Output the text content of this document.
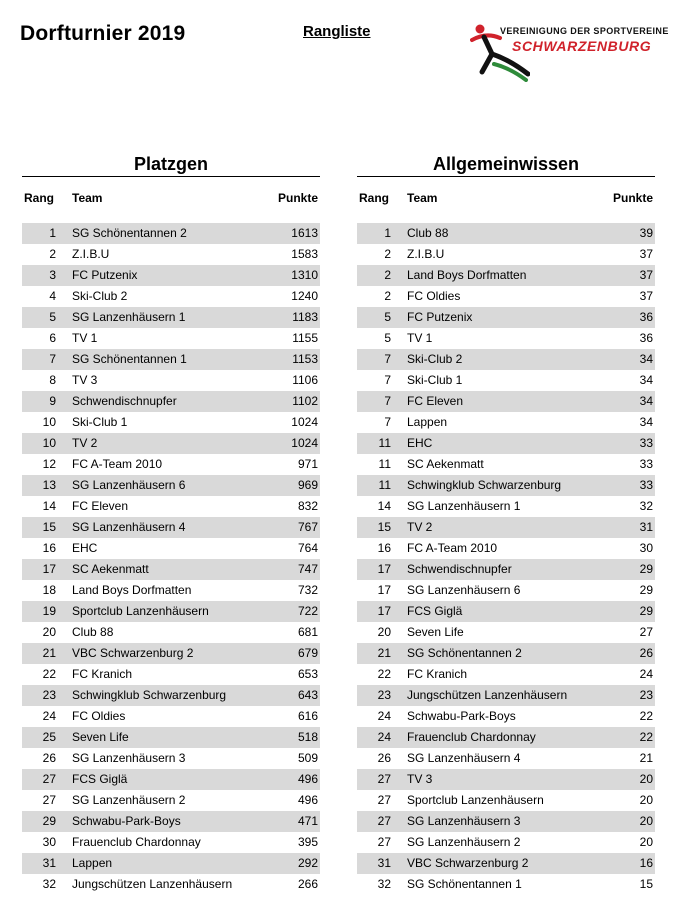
Dorfturnier 2019	Rangliste	VEREINIGUNG DER SPORTVEREINE
SCHWARZENBURG
Platzgen
Rang	Team	Punkte
1	SG Schönentannen 2	1613
2	Z.I.B.U	1583
3	FC Putzenix	1310
4	Ski-Club 2	1240
5	SG Lanzenhäusern 1	1183
6	TV 1	1155
7	SG Schönentannen 1	1153
8	TV 3	1106
9	Schwendischnupfer	1102
10	Ski-Club 1	1024
10	TV 2	1024
12	FC A-Team 2010	971
13	SG Lanzenhäusern 6	969
14	FC Eleven	832
15	SG Lanzenhäusern 4	767
16	EHC	764
17	SC Aekenmatt	747
18	Land Boys Dorfmatten	732
19	Sportclub Lanzenhäusern	722
20	Club 88	681
21	VBC Schwarzenburg 2	679
22	FC Kranich	653
23	Schwingklub Schwarzenburg	643
24	FC Oldies	616
25	Seven Life	518
26	SG Lanzenhäusern 3	509
27	FCS Giglä	496
27	SG Lanzenhäusern 2	496
29	Schwabu-Park-Boys	471
30	Frauenclub Chardonnay	395
31	Lappen	292
32	Jungschützen Lanzenhäusern	266
Allgemeinwissen
Rang	Team	Punkte
1	Club 88	39
2	Z.I.B.U	37
2	Land Boys Dorfmatten	37
2	FC Oldies	37
5	FC Putzenix	36
5	TV 1	36
7	Ski-Club 2	34
7	Ski-Club 1	34
7	FC Eleven	34
7	Lappen	34
11	EHC	33
11	SC Aekenmatt	33
11	Schwingklub Schwarzenburg	33
14	SG Lanzenhäusern 1	32
15	TV 2	31
16	FC A-Team 2010	30
17	Schwendischnupfer	29
17	SG Lanzenhäusern 6	29
17	FCS Giglä	29
20	Seven Life	27
21	SG Schönentannen 2	26
22	FC Kranich	24
23	Jungschützen Lanzenhäusern	23
24	Schwabu-Park-Boys	22
24	Frauenclub Chardonnay	22
26	SG Lanzenhäusern 4	21
27	TV 3	20
27	Sportclub Lanzenhäusern	20
27	SG Lanzenhäusern 3	20
27	SG Lanzenhäusern 2	20
31	VBC Schwarzenburg 2	16
32	SG Schönentannen 1	15
